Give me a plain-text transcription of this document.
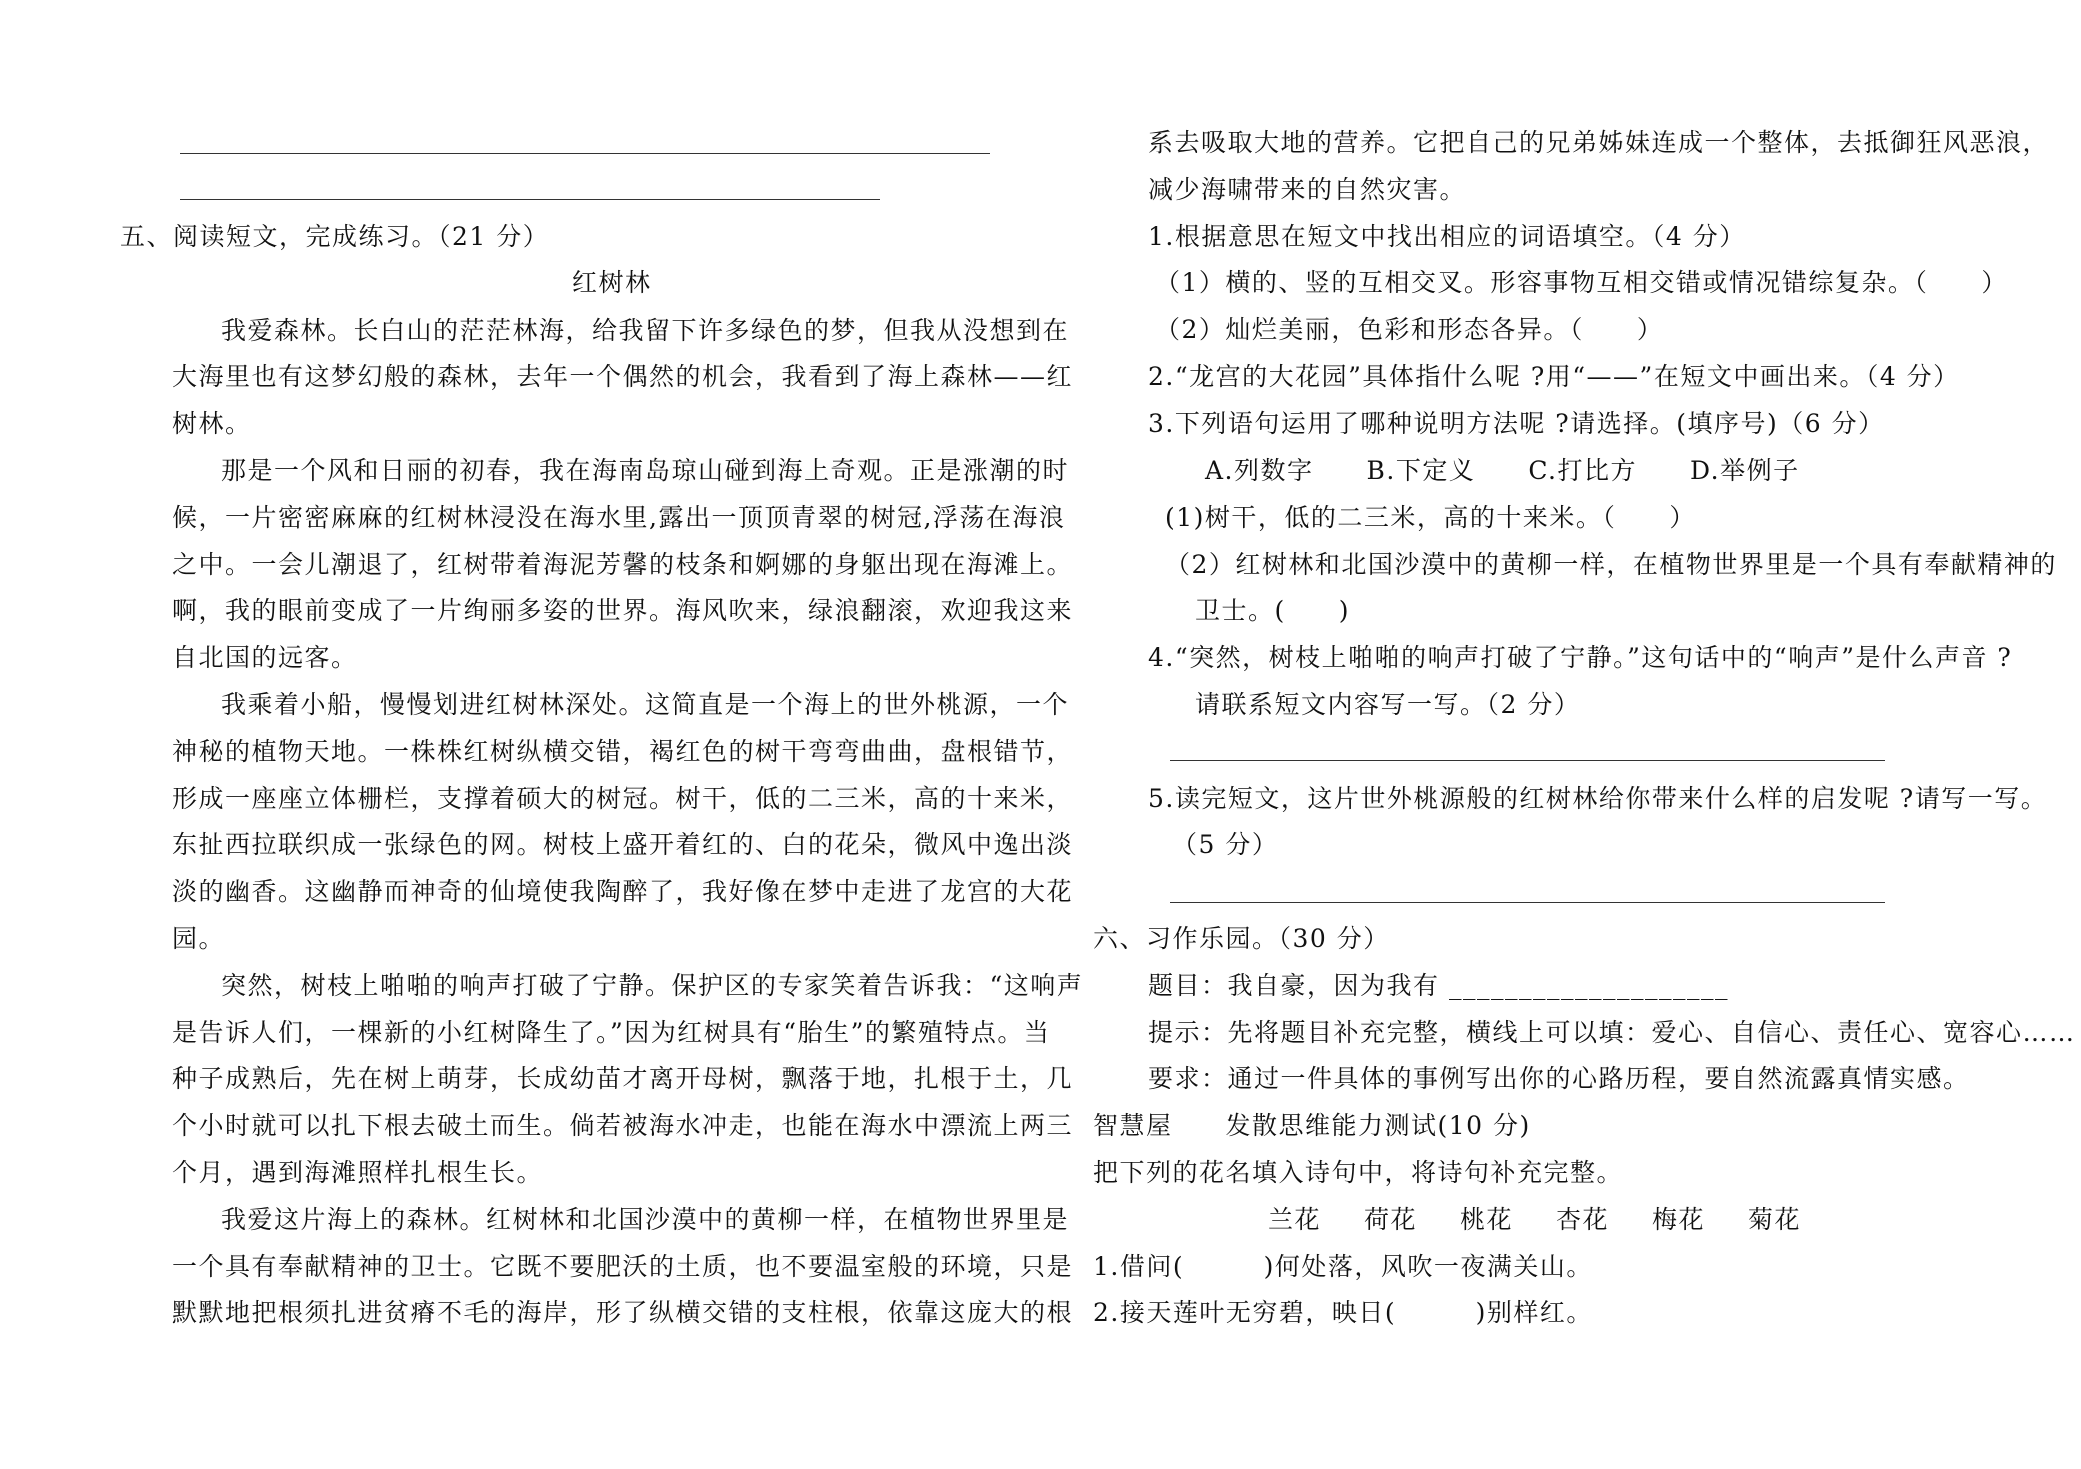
五、阅读短文，完成练习。（21 分）
红树林
我爱森林。长白山的茫茫林海，给我留下许多绿色的梦，但我从没想到在
大海里也有这梦幻般的森林，去年一个偶然的机会，我看到了海上森林——红
树林。
那是一个风和日丽的初春，我在海南岛琼山碰到海上奇观。正是涨潮的时
候，一片密密麻麻的红树林浸没在海水里,露出一顶顶青翠的树冠,浮荡在海浪
之中。一会儿潮退了，红树带着海泥芳馨的枝条和婀娜的身躯出现在海滩上。
啊，我的眼前变成了一片绚丽多姿的世界。海风吹来，绿浪翻滚，欢迎我这来
自北国的远客。
我乘着小船，慢慢划进红树林深处。这简直是一个海上的世外桃源，一个
神秘的植物天地。一株株红树纵横交错，褐红色的树干弯弯曲曲，盘根错节，
形成一座座立体栅栏，支撑着硕大的树冠。树干，低的二三米，高的十来米，
东扯西拉联织成一张绿色的网。树枝上盛开着红的、白的花朵，微风中逸出淡
淡的幽香。这幽静而神奇的仙境使我陶醉了，我好像在梦中走进了龙宫的大花
园。
突然，树枝上啪啪的响声打破了宁静。保护区的专家笑着告诉我：“这响声
是告诉人们，一棵新的小红树降生了。”因为红树具有“胎生”的繁殖特点。当
种子成熟后，先在树上萌芽，长成幼苗才离开母树，飘落于地，扎根于土，几
个小时就可以扎下根去破土而生。倘若被海水冲走，也能在海水中漂流上两三
个月，遇到海滩照样扎根生长。
我爱这片海上的森林。红树林和北国沙漠中的黄柳一样，在植物世界里是
一个具有奉献精神的卫士。它既不要肥沃的土质，也不要温室般的环境，只是
默默地把根须扎进贫瘠不毛的海岸，形了纵横交错的支柱根，依靠这庞大的根
系去吸取大地的营养。它把自己的兄弟姊妹连成一个整体，去抵御狂风恶浪，
减少海啸带来的自然灾害。
1.根据意思在短文中找出相应的词语填空。（4 分）
（1）横的、竖的互相交叉。形容事物互相交错或情况错综复杂。（　　）
（2）灿烂美丽，色彩和形态各异。（　　）
2.“龙宫的大花园”具体指什么呢 ?用“——”在短文中画出来。（4 分）
3.下列语句运用了哪种说明方法呢 ?请选择。(填序号)（6 分）
A.列数字　　B.下定义　　C.打比方　　D.举例子
(1)树干，低的二三米，高的十来米。（　　）
（2）红树林和北国沙漠中的黄柳一样，在植物世界里是一个具有奉献精神的
卫士。(　　)
4.“突然，树枝上啪啪的响声打破了宁静。”这句话中的“响声”是什么声音 ?
请联系短文内容写一写。（2 分）
5.读完短文，这片世外桃源般的红树林给你带来什么样的启发呢 ?请写一写。
（5 分）
六、习作乐园。（30 分）
题目：我自豪，因为我有 ____________________
提示：先将题目补充完整，横线上可以填：爱心、自信心、责任心、宽容心……
要求：通过一件具体的事例写出你的心路历程，要自然流露真情实感。
智慧屋　　发散思维能力测试(10 分)
把下列的花名填入诗句中，将诗句补充完整。
兰花 荷花 桃花 杏花 梅花 菊花
1.借问(　　　)何处落，风吹一夜满关山。
2.接天莲叶无穷碧，映日(　　　)别样红。
